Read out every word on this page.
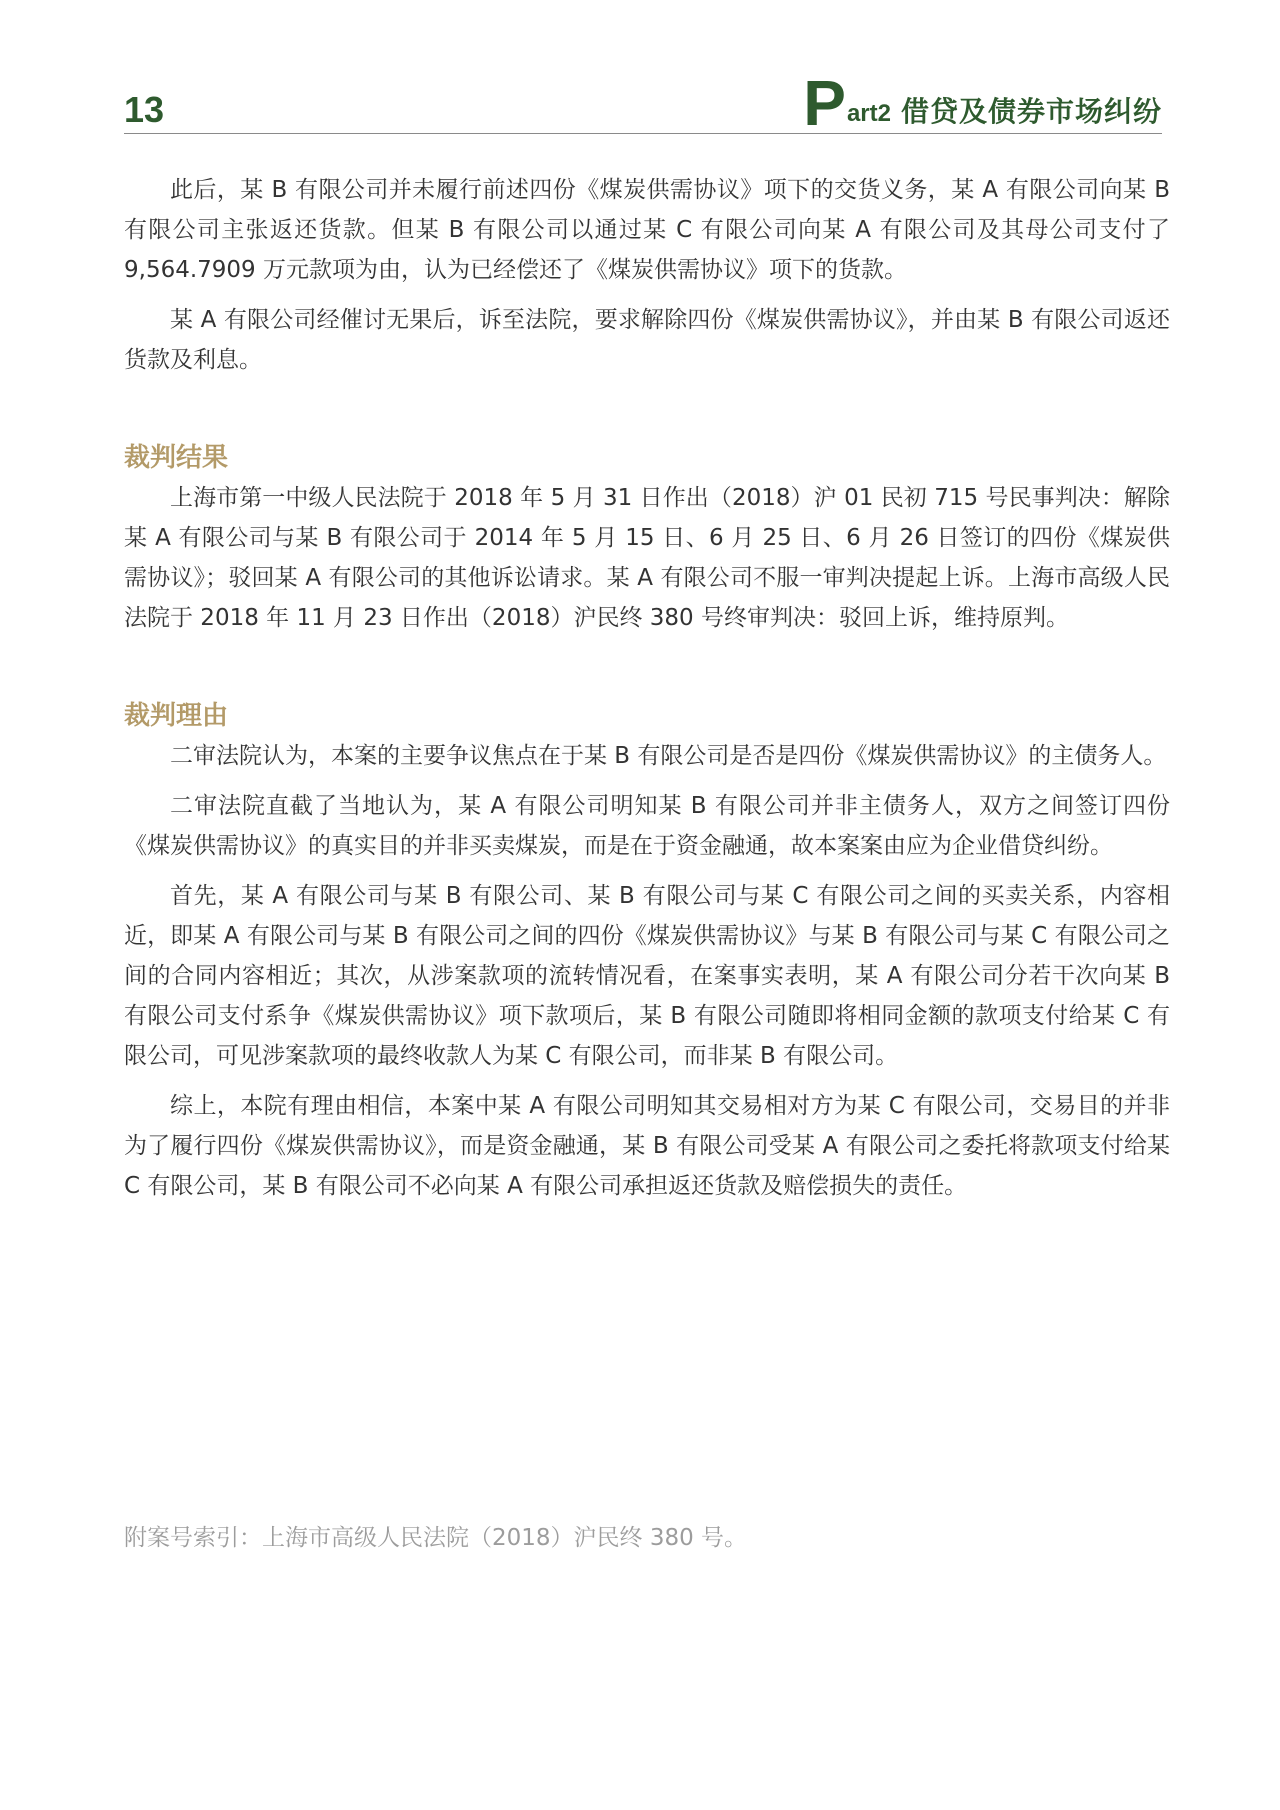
13	P art2 借贷及债券市场纠纷

此后，某 B 有限公司并未履行前述四份《煤炭供需协议》项下的交货义务，某 A 有限公司向某 B 有限公司主张返还货款。但某 B 有限公司以通过某 C 有限公司向某 A 有限公司及其母公司支付了 9,564.7909 万元款项为由，认为已经偿还了《煤炭供需协议》项下的货款。

某 A 有限公司经催讨无果后，诉至法院，要求解除四份《煤炭供需协议》，并由某 B 有限公司返还货款及利息。

裁判结果

上海市第一中级人民法院于 2018 年 5 月 31 日作出（2018）沪 01 民初 715 号民事判决：解除某 A 有限公司与某 B 有限公司于 2014 年 5 月 15 日、6 月 25 日、6 月 26 日签订的四份《煤炭供需协议》；驳回某 A 有限公司的其他诉讼请求。某 A 有限公司不服一审判决提起上诉。上海市高级人民法院于 2018 年 11 月 23 日作出（2018）沪民终 380 号终审判决：驳回上诉，维持原判。

裁判理由

二审法院认为，本案的主要争议焦点在于某 B 有限公司是否是四份《煤炭供需协议》的主债务人。

二审法院直截了当地认为，某 A 有限公司明知某 B 有限公司并非主债务人，双方之间签订四份《煤炭供需协议》的真实目的并非买卖煤炭，而是在于资金融通，故本案案由应为企业借贷纠纷。

首先，某 A 有限公司与某 B 有限公司、某 B 有限公司与某 C 有限公司之间的买卖关系，内容相近，即某 A 有限公司与某 B 有限公司之间的四份《煤炭供需协议》与某 B 有限公司与某 C 有限公司之间的合同内容相近；其次，从涉案款项的流转情况看，在案事实表明，某 A 有限公司分若干次向某 B 有限公司支付系争《煤炭供需协议》项下款项后，某 B 有限公司随即将相同金额的款项支付给某 C 有限公司，可见涉案款项的最终收款人为某 C 有限公司，而非某 B 有限公司。

综上，本院有理由相信，本案中某 A 有限公司明知其交易相对方为某 C 有限公司，交易目的并非为了履行四份《煤炭供需协议》，而是资金融通，某 B 有限公司受某 A 有限公司之委托将款项支付给某 C 有限公司，某 B 有限公司不必向某 A 有限公司承担返还货款及赔偿损失的责任。

附案号索引：上海市高级人民法院（2018）沪民终 380 号。
